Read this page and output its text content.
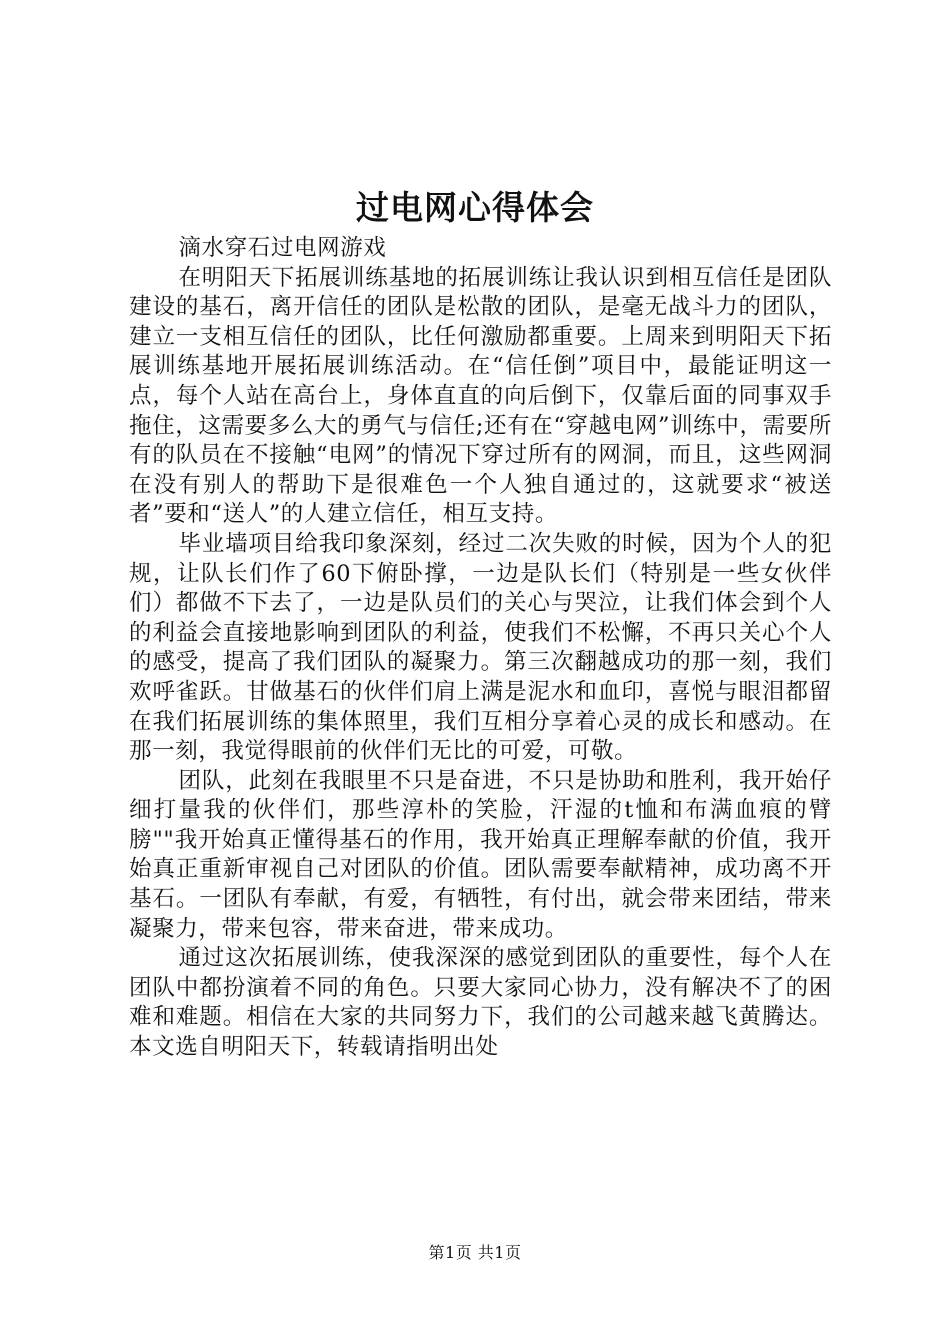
过电网心得体会

滴水穿石过电网游戏

在明阳天下拓展训练基地的拓展训练让我认识到相互信任是团队建设的基石，离开信任的团队是松散的团队，是毫无战斗力的团队，建立一支相互信任的团队，比任何激励都重要。上周来到明阳天下拓展训练基地开展拓展训练活动。在“信任倒”项目中，最能证明这一点，每个人站在高台上，身体直直的向后倒下，仅靠后面的同事双手拖住，这需要多么大的勇气与信任;还有在“穿越电网”训练中，需要所有的队员在不接触“电网”的情况下穿过所有的网洞，而且，这些网洞在没有别人的帮助下是很难色一个人独自通过的，这就要求“被送者”要和“送人”的人建立信任，相互支持。

毕业墙项目给我印象深刻，经过二次失败的时候，因为个人的犯规，让队长们作了60下俯卧撑，一边是队长们（特别是一些女伙伴们）都做不下去了，一边是队员们的关心与哭泣，让我们体会到个人的利益会直接地影响到团队的利益，使我们不松懈，不再只关心个人的感受，提高了我们团队的凝聚力。第三次翻越成功的那一刻，我们欢呼雀跃。甘做基石的伙伴们肩上满是泥水和血印，喜悦与眼泪都留在我们拓展训练的集体照里，我们互相分享着心灵的成长和感动。在那一刻，我觉得眼前的伙伴们无比的可爱，可敬。

团队，此刻在我眼里不只是奋进，不只是协助和胜利，我开始仔细打量我的伙伴们，那些淳朴的笑脸，汗湿的t恤和布满血痕的臂膀""我开始真正懂得基石的作用，我开始真正理解奉献的价值，我开始真正重新审视自己对团队的价值。团队需要奉献精神，成功离不开基石。一团队有奉献，有爱，有牺牲，有付出，就会带来团结，带来凝聚力，带来包容，带来奋进，带来成功。

通过这次拓展训练，使我深深的感觉到团队的重要性，每个人在团队中都扮演着不同的角色。只要大家同心协力，没有解决不了的困难和难题。相信在大家的共同努力下，我们的公司越来越飞黄腾达。本文选自明阳天下，转载请指明出处

第1页 共1页
